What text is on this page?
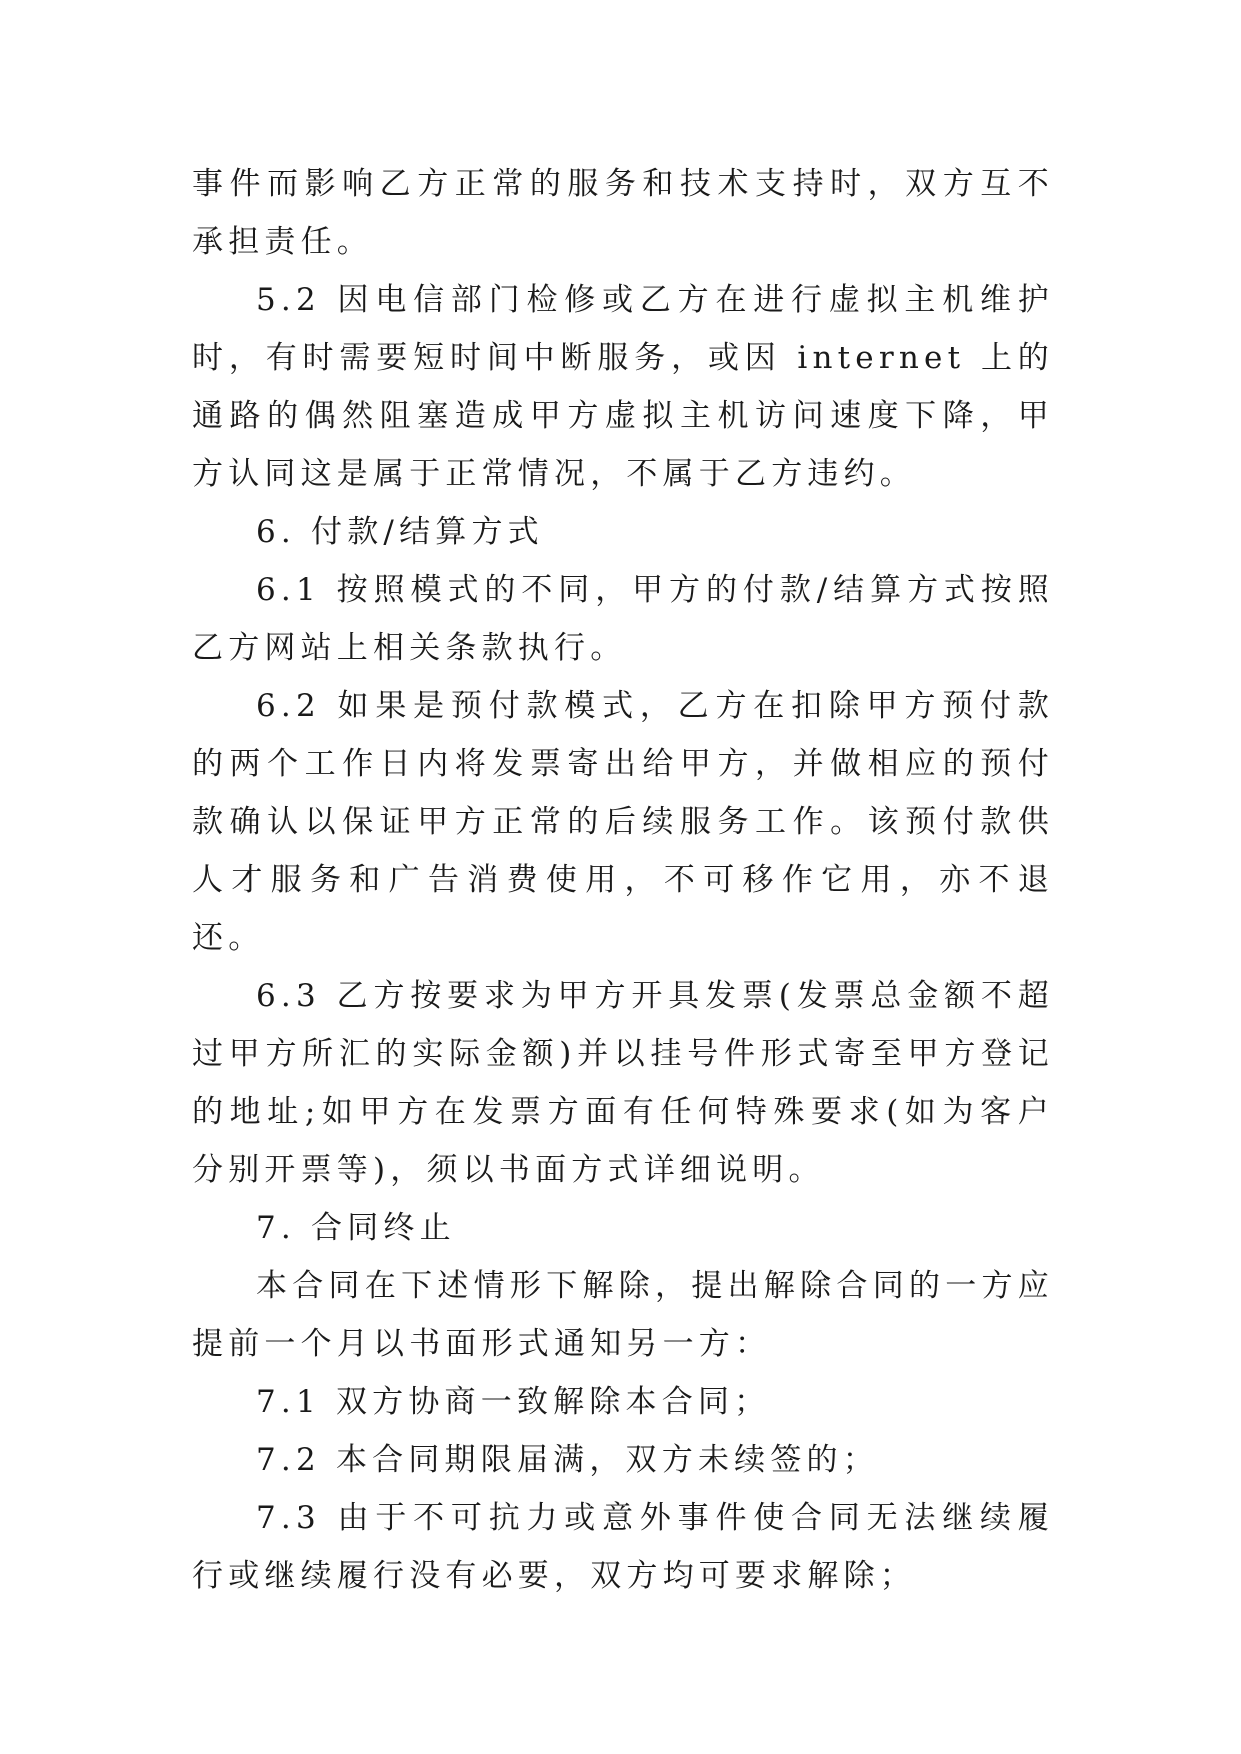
事件而影响乙方正常的服务和技术支持时，双方互不承担责任。

5.2 因电信部门检修或乙方在进行虚拟主机维护时，有时需要短时间中断服务，或因 internet 上的通路的偶然阻塞造成甲方虚拟主机访问速度下降，甲方认同这是属于正常情况，不属于乙方违约。

6. 付款/结算方式

6.1 按照模式的不同，甲方的付款/结算方式按照乙方网站上相关条款执行。

6.2 如果是预付款模式，乙方在扣除甲方预付款的两个工作日内将发票寄出给甲方，并做相应的预付款确认以保证甲方正常的后续服务工作。该预付款供人才服务和广告消费使用，不可移作它用，亦不退还。

6.3 乙方按要求为甲方开具发票(发票总金额不超过甲方所汇的实际金额)并以挂号件形式寄至甲方登记的地址;如甲方在发票方面有任何特殊要求(如为客户分别开票等)，须以书面方式详细说明。

7. 合同终止

本合同在下述情形下解除，提出解除合同的一方应提前一个月以书面形式通知另一方：

7.1 双方协商一致解除本合同；

7.2 本合同期限届满，双方未续签的；

7.3 由于不可抗力或意外事件使合同无法继续履行或继续履行没有必要，双方均可要求解除；
